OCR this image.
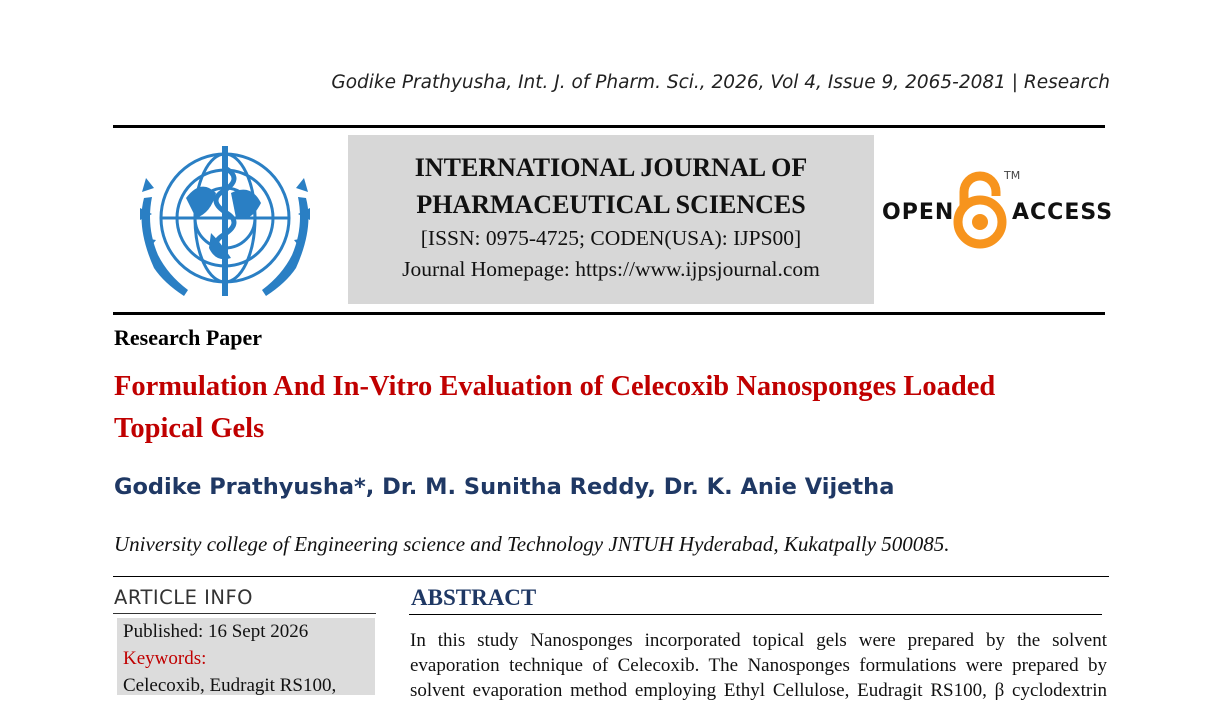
Godike Prathyusha, Int. J. of Pharm. Sci., 2026, Vol 4, Issue 9, 2065-2081 | Research
INTERNATIONAL JOURNAL OF
PHARMACEUTICAL SCIENCES
[ISSN: 0975-4725; CODEN(USA): IJPS00]
Journal Homepage: https://www.ijpsjournal.com
OPEN	ACCESS
TM
Research Paper
Formulation And In-Vitro Evaluation of Celecoxib Nanosponges Loaded
Topical Gels
Godike Prathyusha*, Dr. M. Sunitha Reddy, Dr. K. Anie Vijetha
University college of Engineering science and Technology JNTUH Hyderabad, Kukatpally 500085.
ARTICLE INFO
Published: 16 Sept 2026
Keywords:
Celecoxib, Eudragit RS100,
ABSTRACT
In this study Nanosponges incorporated topical gels were prepared by the solvent
evaporation technique of Celecoxib. The Nanosponges formulations were prepared by
solvent evaporation method employing Ethyl Cellulose, Eudragit RS100, β cyclodextrin
